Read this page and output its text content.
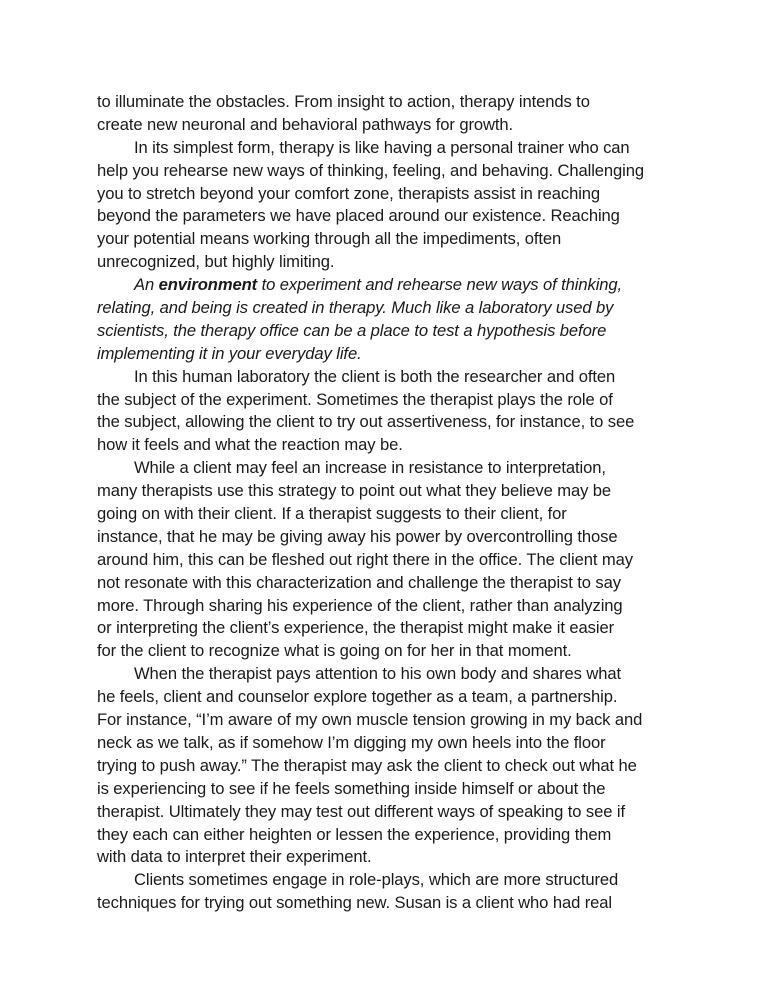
to illuminate the obstacles. From insight to action, therapy intends to
create new neuronal and behavioral pathways for growth.
In its simplest form, therapy is like having a personal trainer who can
help you rehearse new ways of thinking, feeling, and behaving. Challenging
you to stretch beyond your comfort zone, therapists assist in reaching
beyond the parameters we have placed around our existence. Reaching
your potential means working through all the impediments, often
unrecognized, but highly limiting.
An environment to experiment and rehearse new ways of thinking,
relating, and being is created in therapy. Much like a laboratory used by
scientists, the therapy office can be a place to test a hypothesis before
implementing it in your everyday life.
In this human laboratory the client is both the researcher and often
the subject of the experiment. Sometimes the therapist plays the role of
the subject, allowing the client to try out assertiveness, for instance, to see
how it feels and what the reaction may be.
While a client may feel an increase in resistance to interpretation,
many therapists use this strategy to point out what they believe may be
going on with their client. If a therapist suggests to their client, for
instance, that he may be giving away his power by overcontrolling those
around him, this can be fleshed out right there in the office. The client may
not resonate with this characterization and challenge the therapist to say
more. Through sharing his experience of the client, rather than analyzing
or interpreting the client’s experience, the therapist might make it easier
for the client to recognize what is going on for her in that moment.
When the therapist pays attention to his own body and shares what
he feels, client and counselor explore together as a team, a partnership.
For instance, “I’m aware of my own muscle tension growing in my back and
neck as we talk, as if somehow I’m digging my own heels into the floor
trying to push away.” The therapist may ask the client to check out what he
is experiencing to see if he feels something inside himself or about the
therapist. Ultimately they may test out different ways of speaking to see if
they each can either heighten or lessen the experience, providing them
with data to interpret their experiment.
Clients sometimes engage in role-plays, which are more structured
techniques for trying out something new. Susan is a client who had real
